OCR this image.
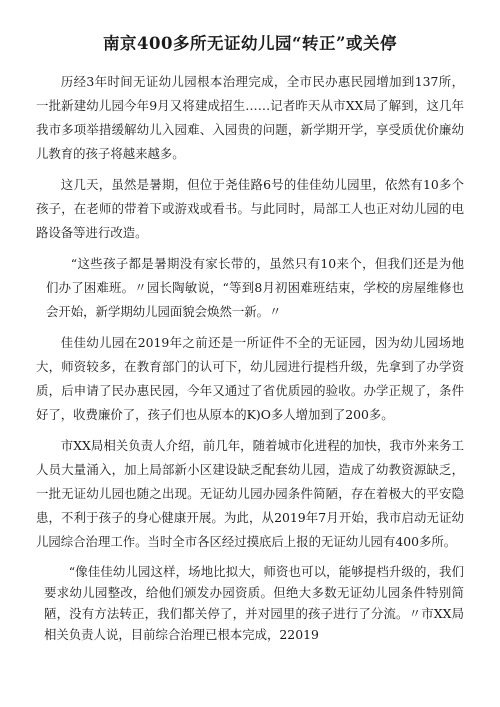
南京400多所无证幼儿园“转正”或关停

历经3年时间无证幼儿园根本治理完成，全市民办惠民园增加到137所，一批新建幼儿园今年9月又将建成招生……记者昨天从市XX局了解到，这几年我市多项举措缓解幼儿入园难、入园贵的问题，新学期开学，享受质优价廉幼儿教育的孩子将越来越多。

这几天，虽然是暑期，但位于尧佳路6号的佳佳幼儿园里，依然有10多个孩子，在老师的带着下或游戏或看书。与此同时，局部工人也正对幼儿园的电路设备等进行改造。

“这些孩子都是暑期没有家长带的，虽然只有10来个，但我们还是为他们办了困难班。〃园长陶敏说，“等到8月初困难班结束，学校的房屋维修也会开始，新学期幼儿园面貌会焕然一新。〃

佳佳幼儿园在2019年之前还是一所证件不全的无证园，因为幼儿园场地大，师资较多，在教育部门的认可下，幼儿园进行提档升级，先拿到了办学资质，后申请了民办惠民园，今年又通过了省优质园的验收。办学正规了，条件好了，收费廉价了，孩子们也从原本的K)O多人增加到了200多。

市XX局相关负责人介绍，前几年，随着城市化进程的加快，我市外来务工人员大量涌入，加上局部新小区建设缺乏配套幼儿园，造成了幼教资源缺乏，一批无证幼儿园也随之出现。无证幼儿园办园条件简陋，存在着极大的平安隐患，不利于孩子的身心健康开展。为此，从2019年7月开始，我市启动无证幼儿园综合治理工作。当时全市各区经过摸底后上报的无证幼儿园有400多所。

“像佳佳幼儿园这样，场地比拟大，师资也可以，能够提档升级的，我们要求幼儿园整改，给他们颁发办园资质。但绝大多数无证幼儿园条件特别简陋，没有方法转正，我们都关停了，并对园里的孩子进行了分流。〃市XX局相关负责人说，目前综合治理已根本完成，22019
